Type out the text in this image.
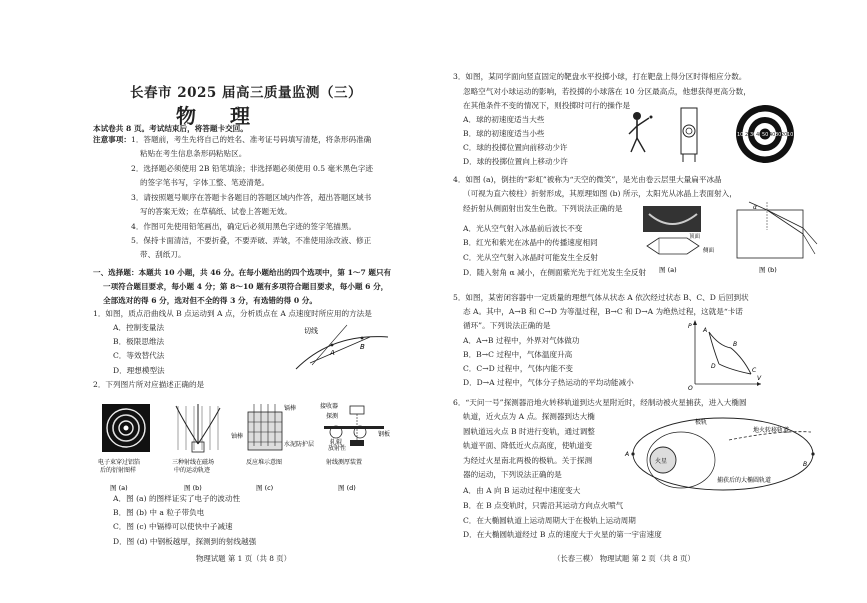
长春市 2025 届高三质量监测（三）
物理
本试卷共 8 页。考试结束后，将答题卡交回。
注意事项： 1．答题前，考生先将自己的姓名、准考证号码填写清楚，将条形码准确
粘贴在考生信息条形码粘贴区。
2．选择题必须使用 2B 铅笔填涂；非选择题必须使用 0.5 毫米黑色字迹
的签字笔书写，字体工整、笔迹清楚。
3．请按照题号顺序在答题卡各题目的答题区域内作答，超出答题区域书
写的答案无效；在草稿纸、试卷上答题无效。
4．作图可先使用铅笔画出，确定后必须用黑色字迹的签字笔描黑。
5．保持卡面清洁，不要折叠，不要弄破、弄皱，不准使用涂改液、修正
带、刮纸刀。
一、选择题：本题共 10 小题，共 46 分。在每小题给出的四个选项中，第 1～7 题只有
一项符合题目要求，每小题 4 分；第 8～10 题有多项符合题目要求，每小题 6 分，
全部选对的得 6 分，选对但不全的得 3 分，有选错的得 0 分。
1．如图，质点沿曲线从 B 点运动到 A 点，分析质点在 A 点速度时所应用的方法是
A．控制变量法
B．极限思维法
C．等效替代法
D．理想模型法
切线
A
B
2．下列图片所对应描述正确的是
电子束穿过铝箔
后的衍射图样
图 (a)
三种射线在磁场
中的运动轨迹
图 (b)
镉棒
铀棒
水泥防护层
反应堆示意图
图 (c)
接收器
探测
放射性
轧辊
钢板
射线测厚装置
图 (d)
A．图 (a) 的图样证实了电子的波动性
B．图 (b) 中 a 粒子带负电
C．图 (c) 中镉棒可以使快中子减速
D．图 (d) 中钢板越厚，探测到的射线越强
物理试题 第 1 页（共 8 页）
3．如图，某同学面向竖直固定的靶盘水平投掷小球，打在靶盘上得分区时得相应分数。
忽略空气对小球运动的影响，若投掷的小球落在 10 分区最高点，他想获得更高分数，
在其他条件不变的情况下，则投掷时可行的操作是
A．球的初速度适当大些
B．球的初速度适当小些
C．球的投掷位置向前移动少许
D．球的投掷位置向上移动少许
10 20
30 40 50 40 30 20 10
4．如图 (a)，倒挂的“彩虹”被称为“天空的微笑”，是光由卷云层里大量扁平冰晶
（可视为直六棱柱）折射形成，其原理如图 (b) 所示，太阳光从冰晶上表面射入，
经折射从侧面射出发生色散。下列说法正确的是
A．光从空气射入冰晶前后波长不变
B．红光和紫光在冰晶中的传播速度相同
C．光从空气射入冰晶时可能发生全反射
D．随入射角 α 减小，在侧面紫光先于红光发生全反射
顶面
侧面
图 (a)
α
图 (b)
5．如图，某密闭容器中一定质量的理想气体从状态 A 依次经过状态 B、C、D 后回到状
态 A。其中，A→B 和 C→D 为等温过程，B→C 和 D→A 为绝热过程，这就是“卡诺
循环”。下列说法正确的是
A．A→B 过程中，外界对气体做功
B．B→C 过程中，气体温度升高
C．C→D 过程中，气体内能不变
D．D→A 过程中，气体分子热运动的平均动能减小
P
V
O
A
B
C
D
6．“天问一号”探测器沿地火转移轨道到达火星附近时，经制动被火星捕获，进入大椭圆
轨道，近火点为 A 点。探测器到达大椭
圆轨道远火点 B 时进行变轨，通过调整
轨道平面、降低近火点高度，使轨道变
为经过火星南北两极的极轨。关于探测
器的运动，下列说法正确的是
A．由 A 向 B 运动过程中速度变大
B．在 B 点变轨时，只需沿其运动方向点火喷气
C．在大椭圆轨道上运动周期大于在极轨上运动周期
D．在大椭圆轨道经过 B 点的速度大于火星的第一宇宙速度
火星
极轨
地火转移轨道
捕获后的大椭圆轨道
A
B
（长春三模） 物理试题 第 2 页（共 8 页）
